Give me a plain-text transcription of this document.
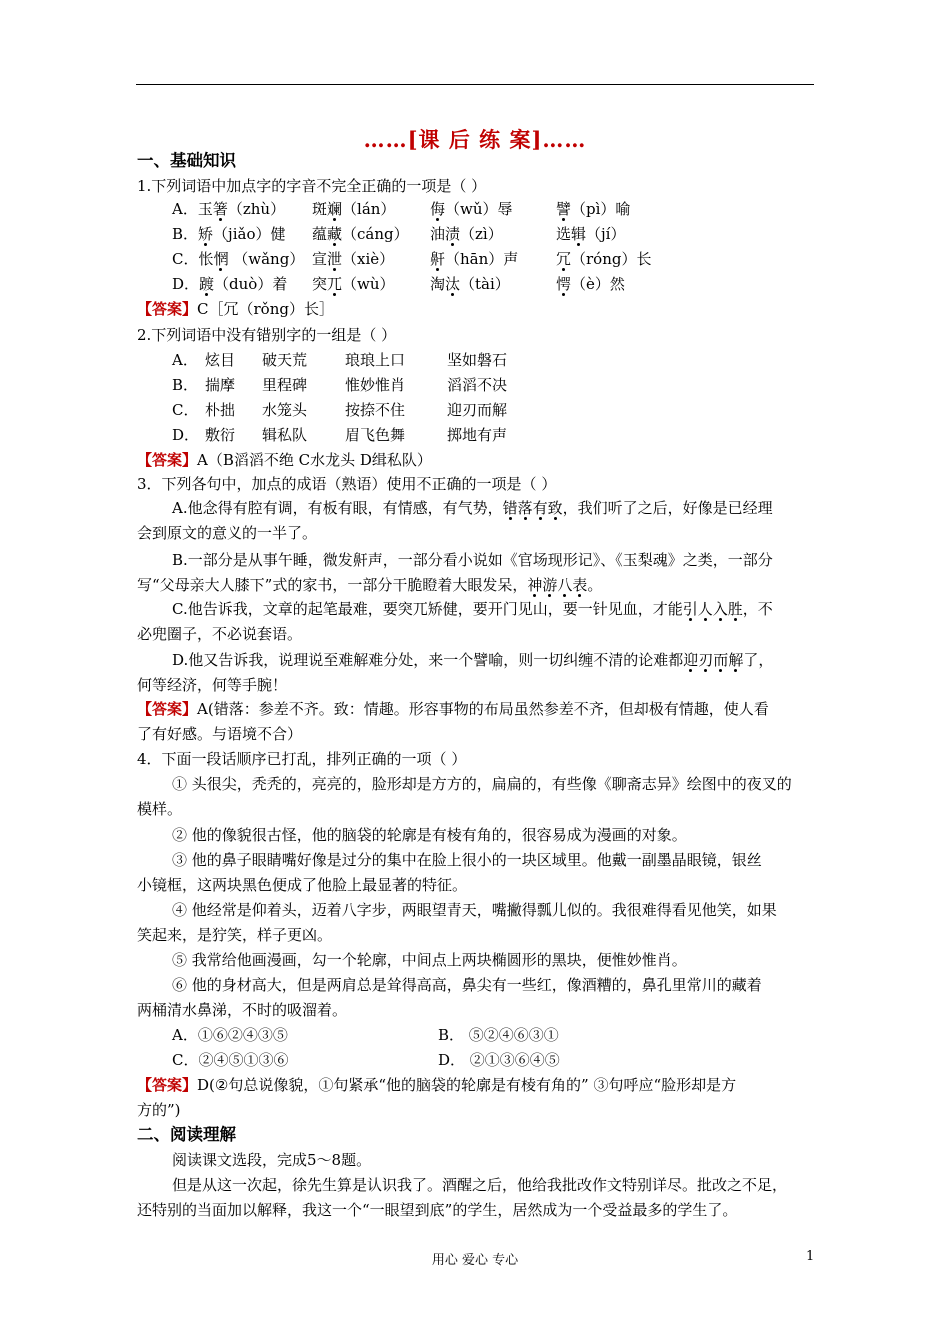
……[课 后 练 案]……
一、基础知识
1.下列词语中加点字的字音不完全正确的一项是（ ）
A．玉箸（zhù） 斑斓（lán） 侮（wǔ）辱	譬（pì）喻
B．矫（jiǎo）健 蕴藏（cáng） 油渍（zì）	选辑（jí）
C．怅惘 （wǎng） 宣泄（xiè） 鼾（hān）声	冗（róng）长
D．踱（duò）着 突兀（wù） 淘汰（tài）	愕（è）然
【答案】C［冗（rǒng）长］
2.下列词语中没有错别字的一组是（ ）
A． 炫目 破天荒	琅琅上口	坚如磐石
B． 揣摩 里程碑	惟妙惟肖	滔滔不决
C． 朴拙 水笼头	按捺不住	迎刃而解
D． 敷衍 辑私队	眉飞色舞	掷地有声
【答案】A（B滔滔不绝 C水龙头 D缉私队）
3．下列各句中，加点的成语（熟语）使用不正确的一项是（ ）
A.他念得有腔有调，有板有眼，有情感，有气势，错落有致，我们听了之后，好像是已经理
会到原文的意义的一半了。
B.一部分是从事午睡，微发鼾声，一部分看小说如《官场现形记》、《玉梨魂》之类，一部分
写“父母亲大人膝下”式的家书，一部分干脆瞪着大眼发呆，神游八表。
C.他告诉我，文章的起笔最难，要突兀矫健，要开门见山，要一针见血，才能引人入胜，不
必兜圈子，不必说套语。
D.他又告诉我，说理说至难解难分处，来一个譬喻，则一切纠缠不清的论难都迎刃而解了，
何等经济，何等手腕！
【答案】A(错落：参差不齐。致：情趣。形容事物的布局虽然参差不齐，但却极有情趣，使人看
了有好感。与语境不合）
4．下面一段话顺序已打乱，排列正确的一项（ ）
① 头很尖，秃秃的，亮亮的，脸形却是方方的，扁扁的，有些像《聊斋志异》绘图中的夜叉的
模样。
② 他的像貌很古怪，他的脑袋的轮廓是有棱有角的，很容易成为漫画的对象。
③ 他的鼻子眼睛嘴好像是过分的集中在脸上很小的一块区域里。他戴一副墨晶眼镜，银丝
小镜框，这两块黑色便成了他脸上最显著的特征。
④ 他经常是仰着头，迈着八字步，两眼望青天，嘴撇得瓢儿似的。我很难得看见他笑，如果
笑起来，是狞笑，样子更凶。
⑤ 我常给他画漫画，勾一个轮廓，中间点上两块椭圆形的黑块，便惟妙惟肖。
⑥ 他的身材高大，但是两肩总是耸得高高，鼻尖有一些红，像酒糟的，鼻孔里常川的藏着
两桶清水鼻涕，不时的吸溜着。
A．①⑥②④③⑤	B． ⑤②④⑥③①
C．②④⑤①③⑥	D． ②①③⑥④⑤
【答案】D(②句总说像貌，①句紧承“他的脑袋的轮廓是有棱有角的” ③句呼应“脸形却是方
方的”)
二、阅读理解
阅读课文选段，完成5～8题。
但是从这一次起，徐先生算是认识我了。酒醒之后，他给我批改作文特别详尽。批改之不足，
还特别的当面加以解释，我这一个“一眼望到底”的学生，居然成为一个受益最多的学生了。
用心 爱心 专心	1
